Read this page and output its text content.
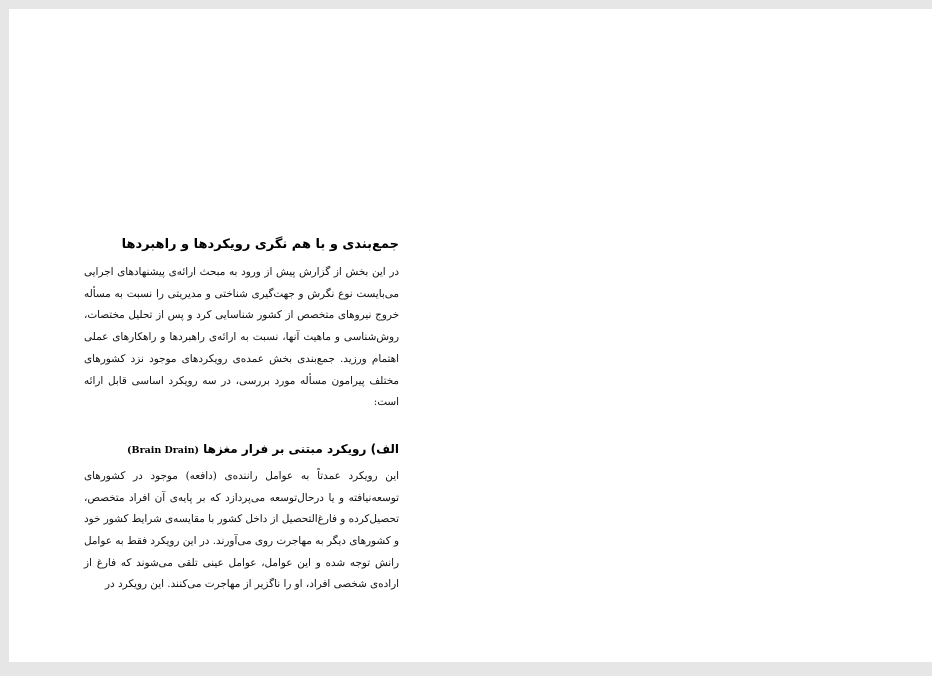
جمع‌بندی و با هم نگری رویکردها و راهبردها

در این بخش از گزارش پیش از ورود به مبحث ارائه‌ی پیشنهادهای اجرایی می‌بایست نوع نگرش و جهت‌گیری شناختی و مدیریتی را نسبت به مسأله خروج نیروهای متخصص از کشور شناسایی کرد و پس از تحلیل مختصات، روش‌شناسی و ماهیت آنها، نسبت به ارائه‌ی راهبردها و راهکارهای عملی اهتمام ورزید. جمع‌بندی بخش عمده‌ی رویکردهای موجود نزد کشورهای مختلف پیرامون مسأله مورد بررسی، در سه رویکرد اساسی قابل ارائه است:

الف) رویکرد مبتنی بر فرار مغزها (Brain Drain)

این رویکرد عمدتاً به عوامل راننده‌ی (دافعه) موجود در کشورهای توسعه‌نیافته و یا درحال‌توسعه می‌پردازد که بر پایه‌ی آن افراد متخصص، تحصیل‌کرده و فارغ‌التحصیل از داخل کشور با مقایسه‌ی شرایط کشور خود و کشورهای دیگر به مهاجرت روی می‌آورند. در این رویکرد فقط به عوامل رانش توجه شده و این عوامل، عوامل عینی تلقی می‌شوند که فارغ از اراده‌ی شخصی افراد، او را ناگزیر از مهاجرت می‌کنند. این رویکرد در
